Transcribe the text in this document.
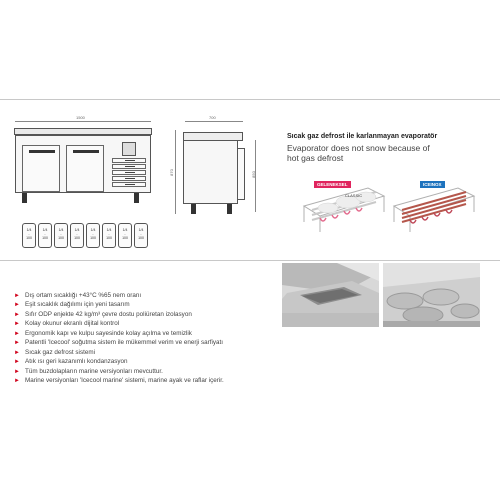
1500
1/4
-
100
1/4
-
100
1/4
-
100
1/4
-
100
1/4
-
100
1/4
-
100
1/4
-
100
1/4
-
100
700
870	850
Sıcak gaz defrost ile karlanmayan evaporatör
Evaporator does not snow because of
hot gas defrost
GELENEKSEL
CLASSIC
ICEINOX
► Dış ortam sıcaklığı +43°C %65 nem oranı
► Eşit sıcaklık dağılımı için yeni tasarım
► Sıfır ODP enjekte 42 kg/m³ çevre dostu poliüretan izolasyon
► Kolay okunur ekranlı dijital kontrol
► Ergonomik kapı ve kulpu sayesinde kolay açılma ve temizlik
► Patentli 'Icecool' soğutma sistem ile mükemmel verim ve enerji sarfiyatı
► Sıcak gaz defrost sistemi
► Atık ısı geri kazanımlı kondanzasyon
► Tüm buzdolapların marine versiyonları mevcuttur.
► Marine versiyonları 'Icecool marine' sistemi, marine ayak ve raflar içerir.
